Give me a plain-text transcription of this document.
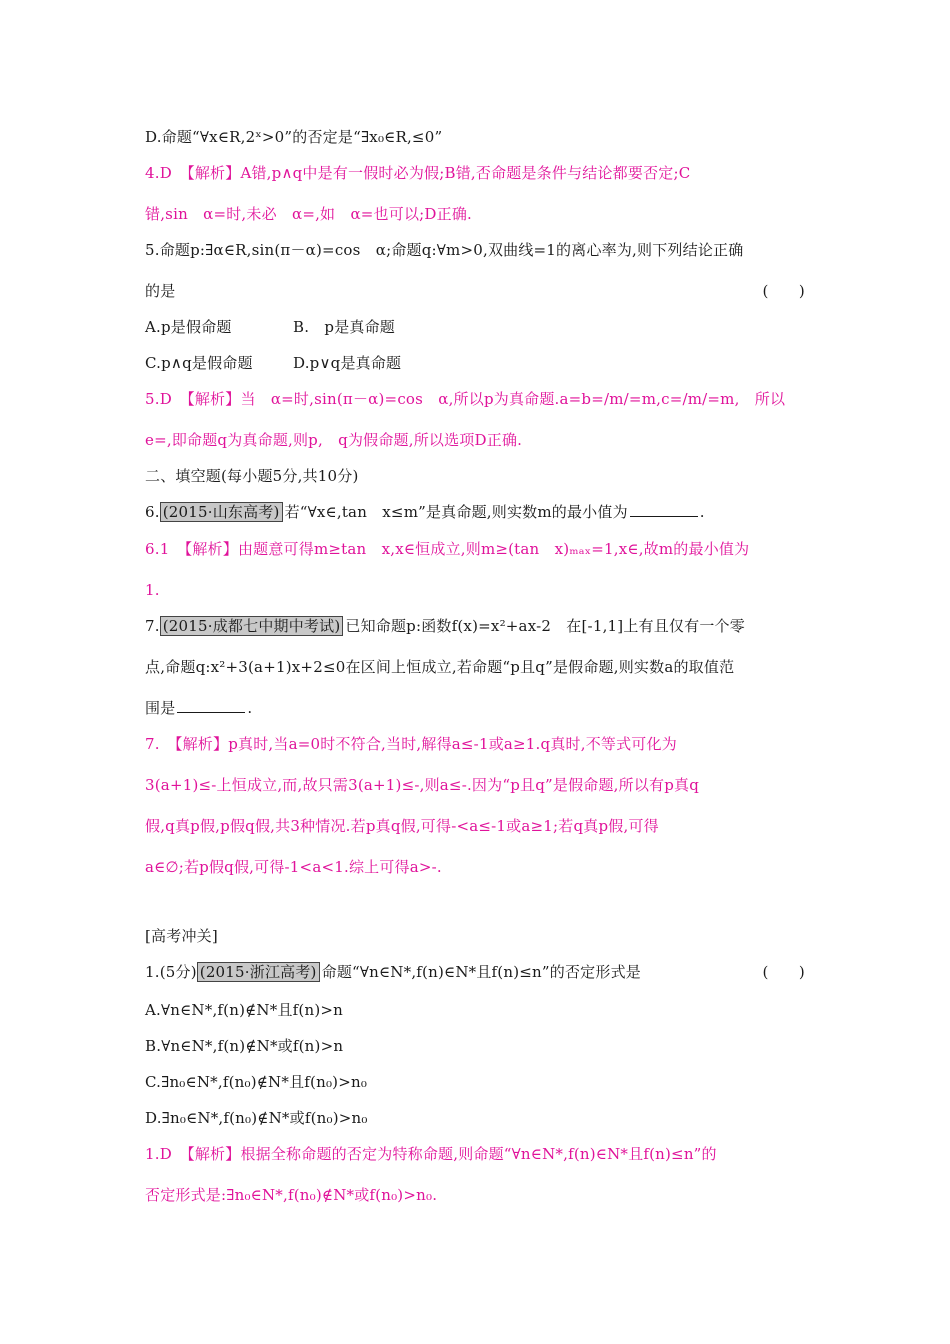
D.命题“∀x∈R,2ˣ>0”的否定是“∃x₀∈R,≤0”
4.D　【解析】A错,p∧q中是有一假时必为假;B错,否命题是条件与结论都要否定;C
错,sin　α=时,未必　α=,如　α=也可以;D正确.
5.命题p:∃α∈R,sin(π－α)=cos　α;命题q:∀m>0,双曲线=1的离心率为,则下列结论正确
的是	(　　)
A.p是假命题	B.　p是真命题
C.p∧q是假命题	D.p∨q是真命题
5.D　【解析】当　α=时,sin(π－α)=cos　α,所以p为真命题.a=b=/m/=m,c=/m/=m,　所以
e=,即命题q为真命题,则p,　q为假命题,所以选项D正确.
二、填空题(每小题5分,共10分)
6. (2015·山东高考) 若“∀x∈,tan　x≤m”是真命题,则实数m的最小值为	.
6.1　【解析】由题意可得m≥tan　x,x∈恒成立,则m≥(tan　x)ₘₐₓ=1,x∈,故m的最小值为
1.
7. (2015·成都七中期中考试) 已知命题p:函数f(x)=x²+ax-2　在[-1,1]上有且仅有一个零
点,命题q:x²+3(a+1)x+2≤0在区间上恒成立,若命题“p且q”是假命题,则实数a的取值范
围是	.
7.　【解析】p真时,当a=0时不符合,当时,解得a≤-1或a≥1.q真时,不等式可化为
3(a+1)≤-上恒成立,而,故只需3(a+1)≤-,则a≤-.因为“p且q”是假命题,所以有p真q
假,q真p假,p假q假,共3种情况.若p真q假,可得-<a≤-1或a≥1;若q真p假,可得
a∈∅;若p假q假,可得-1<a<1.综上可得a>-.
[高考冲关]
1.(5分) (2015·浙江高考) 命题“∀n∈N*,f(n)∈N*且f(n)≤n”的否定形式是	(　　)
A.∀n∈N*,f(n)∉N*且f(n)>n
B.∀n∈N*,f(n)∉N*或f(n)>n
C.∃n₀∈N*,f(n₀)∉N*且f(n₀)>n₀
D.∃n₀∈N*,f(n₀)∉N*或f(n₀)>n₀
1.D　【解析】根据全称命题的否定为特称命题,则命题“∀n∈N*,f(n)∈N*且f(n)≤n”的
否定形式是:∃n₀∈N*,f(n₀)∉N*或f(n₀)>n₀.
